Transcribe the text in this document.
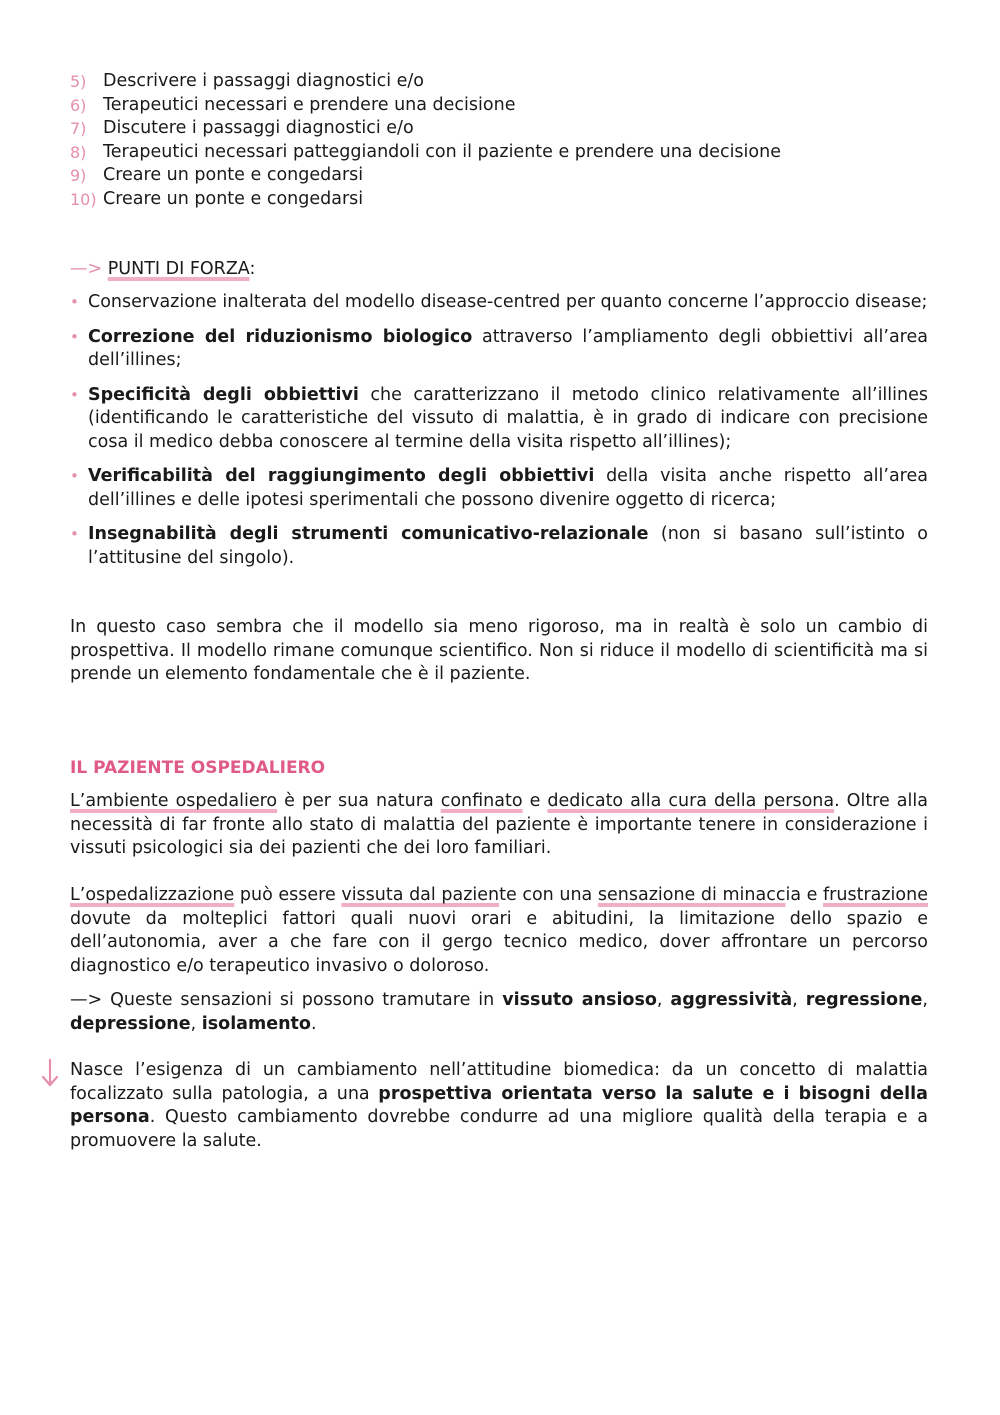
5) Descrivere i passaggi diagnostici e/o
6) Terapeutici necessari e prendere una decisione
7) Discutere i passaggi diagnostici e/o
8) Terapeutici necessari patteggiandoli con il paziente e prendere una decisione
9) Creare un ponte e congedarsi
10) Creare un ponte e congedarsi
—> PUNTI DI FORZA:
• Conservazione inalterata del modello disease-centred per quanto concerne l’approccio disease;
• Correzione del riduzionismo biologico attraverso l’ampliamento degli obbiettivi all’area dell’illines;
• Specificità degli obbiettivi che caratterizzano il metodo clinico relativamente all’illines (identificando le caratteristiche del vissuto di malattia, è in grado di indicare con precisione cosa il medico debba conoscere al termine della visita rispetto all’illines);
• Verificabilità del raggiungimento degli obbiettivi della visita anche rispetto all’area dell’illines e delle ipotesi sperimentali che possono divenire oggetto di ricerca;
• Insegnabilità degli strumenti comunicativo-relazionale (non si basano sull’istinto o l’attitusine del singolo).

In questo caso sembra che il modello sia meno rigoroso, ma in realtà è solo un cambio di prospettiva. Il modello rimane comunque scientifico. Non si riduce il modello di scientificità ma si prende un elemento fondamentale che è il paziente.

IL PAZIENTE OSPEDALIERO

L’ambiente ospedaliero è per sua natura confinato e dedicato alla cura della persona. Oltre alla necessità di far fronte allo stato di malattia del paziente è importante tenere in considerazione i vissuti psicologici sia dei pazienti che dei loro familiari.

L’ospedalizzazione può essere vissuta dal paziente con una sensazione di minaccia e frustrazione dovute da molteplici fattori quali nuovi orari e abitudini, la limitazione dello spazio e dell’autonomia, aver a che fare con il gergo tecnico medico, dover affrontare un percorso diagnostico e/o terapeutico invasivo o doloroso.

—> Queste sensazioni si possono tramutare in vissuto ansioso, aggressività, regressione, depressione, isolamento.

Nasce l’esigenza di un cambiamento nell’attitudine biomedica: da un concetto di malattia focalizzato sulla patologia, a una prospettiva orientata verso la salute e i bisogni della persona. Questo cambiamento dovrebbe condurre ad una migliore qualità della terapia e a promuovere la salute.
